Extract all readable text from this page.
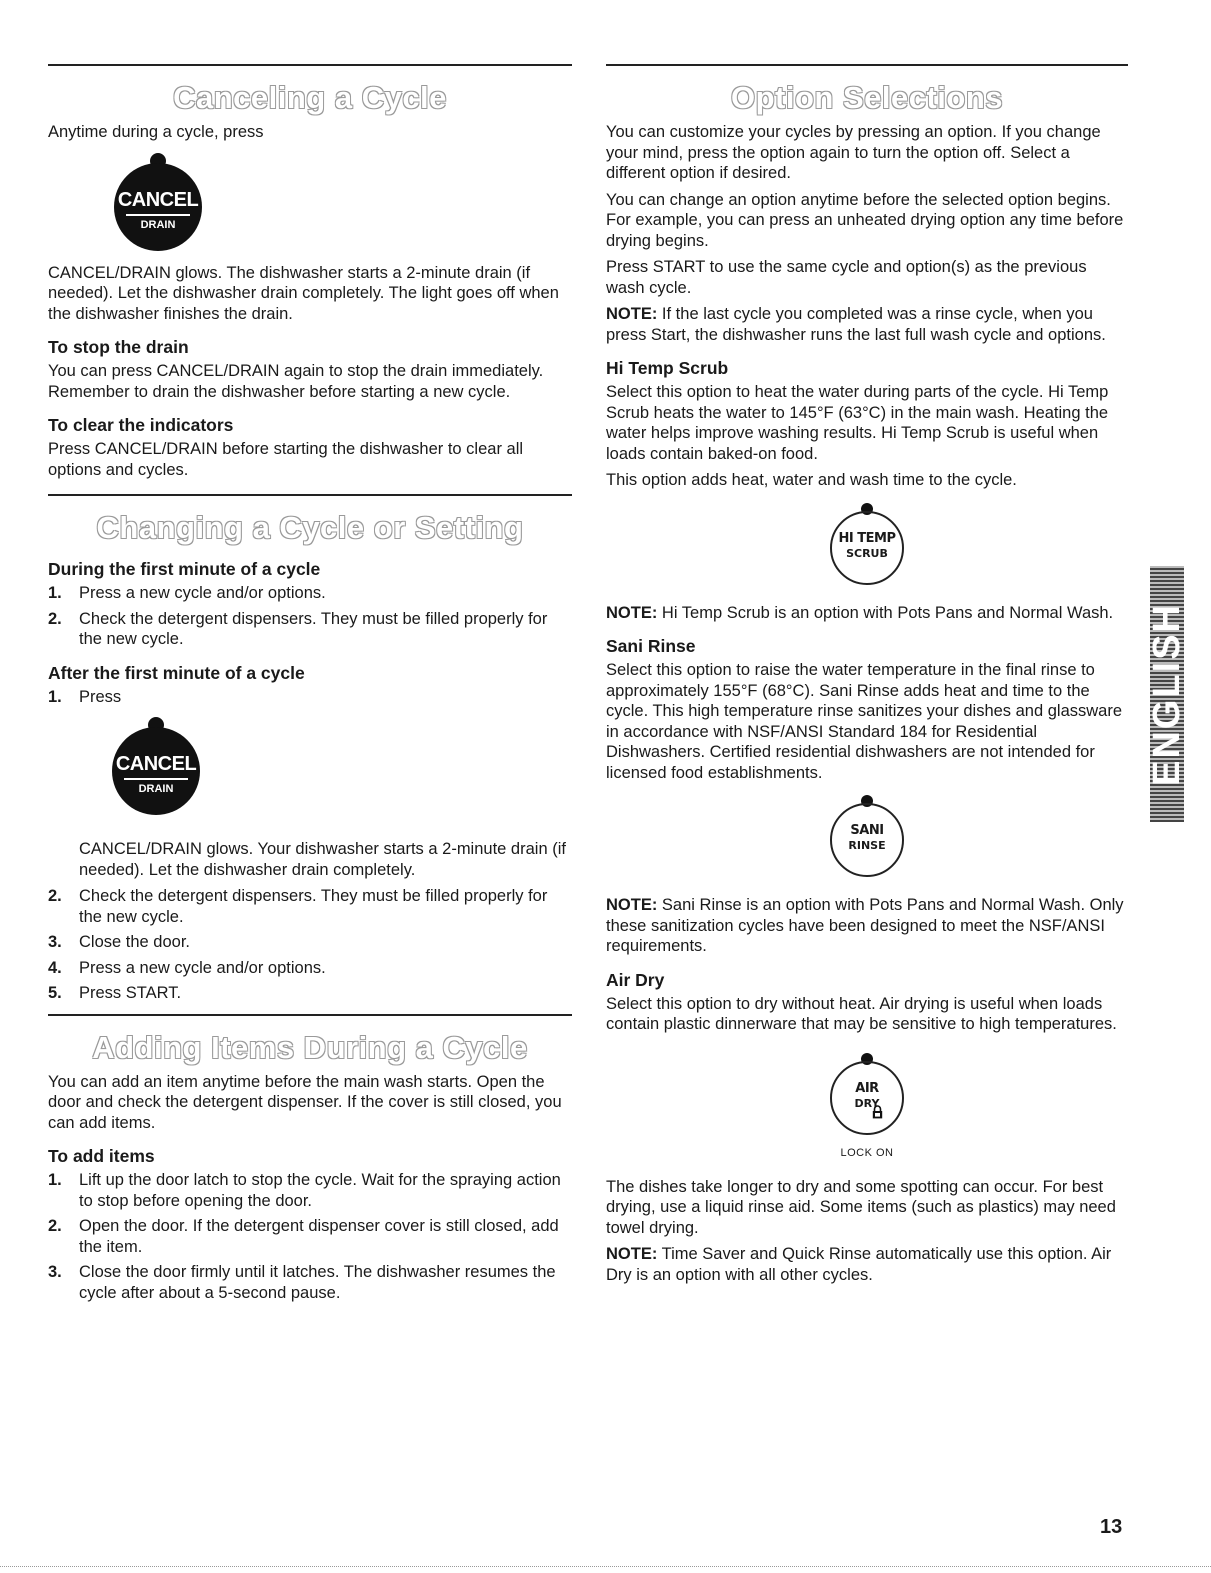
Canceling a Cycle

Anytime during a cycle, press

CANCEL
DRAIN

CANCEL/DRAIN glows. The dishwasher starts a 2-minute drain (if needed). Let the dishwasher drain completely. The light goes off when the dishwasher finishes the drain.

To stop the drain

You can press CANCEL/DRAIN again to stop the drain immediately. Remember to drain the dishwasher before starting a new cycle.

To clear the indicators

Press CANCEL/DRAIN before starting the dishwasher to clear all options and cycles.

Changing a Cycle or Setting
During the first minute of a cycle
1. Press a new cycle and/or options.
2. Check the detergent dispensers. They must be filled properly for the new cycle.
After the first minute of a cycle
1. Press
CANCEL
DRAIN

CANCEL/DRAIN glows. Your dishwasher starts a 2-minute drain (if needed). Let the dishwasher drain completely.

2. Check the detergent dispensers. They must be filled properly for the new cycle.
3. Close the door.
4. Press a new cycle and/or options.
5. Press START.
Adding Items During a Cycle

You can add an item anytime before the main wash starts. Open the door and check the detergent dispenser. If the cover is still closed, you can add items.

To add items
1. Lift up the door latch to stop the cycle. Wait for the spraying action to stop before opening the door.
2. Open the door. If the detergent dispenser cover is still closed, add the item.
3. Close the door firmly until it latches. The dishwasher resumes the cycle after about a 5-second pause.
Option Selections

You can customize your cycles by pressing an option. If you change your mind, press the option again to turn the option off. Select a different option if desired.

You can change an option anytime before the selected option begins. For example, you can press an unheated drying option any time before drying begins.

Press START to use the same cycle and option(s) as the previous wash cycle.

NOTE: If the last cycle you completed was a rinse cycle, when you press Start, the dishwasher runs the last full wash cycle and options.

Hi Temp Scrub

Select this option to heat the water during parts of the cycle. Hi Temp Scrub heats the water to 145°F (63°C) in the main wash. Heating the water helps improve washing results. Hi Temp Scrub is useful when loads contain baked-on food.

This option adds heat, water and wash time to the cycle.

HI TEMP
SCRUB

NOTE: Hi Temp Scrub is an option with Pots Pans and Normal Wash.

Sani Rinse

Select this option to raise the water temperature in the final rinse to approximately 155°F (68°C). Sani Rinse adds heat and time to the cycle. This high temperature rinse sanitizes your dishes and glassware in accordance with NSF/ANSI Standard 184 for Residential Dishwashers. Certified residential dishwashers are not intended for licensed food establishments.

SANI
RINSE

NOTE: Sani Rinse is an option with Pots Pans and Normal Wash. Only these sanitization cycles have been designed to meet the NSF/ANSI requirements.

Air Dry

Select this option to dry without heat. Air drying is useful when loads contain plastic dinnerware that may be sensitive to high temperatures.

AIR
DRY
LOCK ON

The dishes take longer to dry and some spotting can occur. For best drying, use a liquid rinse aid. Some items (such as plastics) may need towel drying.

NOTE: Time Saver and Quick Rinse automatically use this option. Air Dry is an option with all other cycles.

ENGLISH
13
